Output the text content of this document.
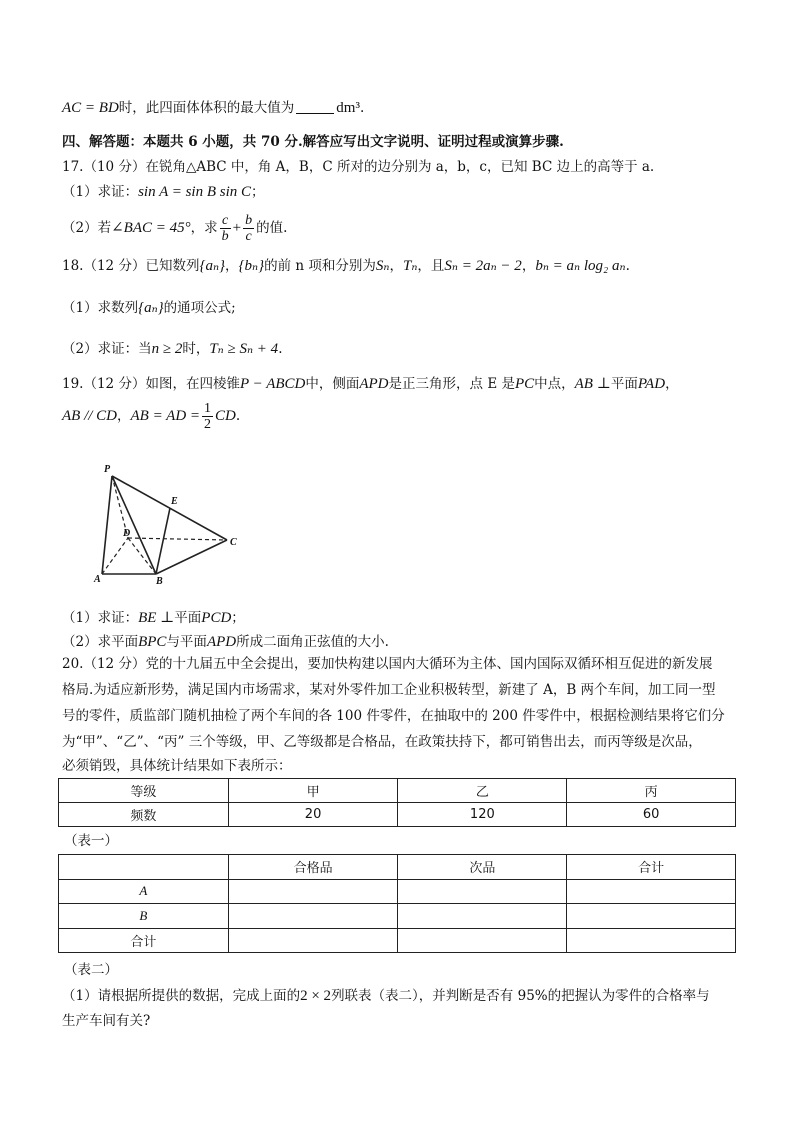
AC = BD时，此四面体体积的最大值为	dm³.
四、解答题：本题共 6 小题，共 70 分.解答应写出文字说明、证明过程或演算步骤.
17.（10 分）在锐角△ABC 中，角 A，B，C 所对的边分别为 a，b，c，已知 BC 边上的高等于 a.
（1）求证：sin A = sin B sin C；
（2）若∠BAC = 45°，求 $\frac{c}{b} + \frac{b}{c}$ 的值.
18.（12 分）已知数列{aₙ}，{bₙ}的前 n 项和分别为Sₙ，Tₙ，且Sₙ = 2aₙ − 2，bₙ = aₙ log₂ aₙ.
（1）求数列{aₙ}的通项公式;
（2）求证：当n ≥ 2时，Tₙ ≥ Sₙ + 4.
19.（12 分）如图，在四棱锥P − ABCD中，侧面APD是正三角形，点 E 是PC中点，AB ⊥平面PAD，
AB // CD，AB = AD = $\frac{1}{2}$ CD.
P
E
D
C
A	B
（1）求证：BE ⊥平面PCD；
（2）求平面BPC与平面APD所成二面角正弦值的大小.
20.（12 分）党的十九届五中全会提出，要加快构建以国内大循环为主体、国内国际双循环相互促进的新发展
格局.为适应新形势，满足国内市场需求，某对外零件加工企业积极转型，新建了 A，B 两个车间，加工同一型
号的零件，质监部门随机抽检了两个车间的各 100 件零件，在抽取中的 200 件零件中，根据检测结果将它们分
为“甲”、“乙”、“丙” 三个等级，甲、乙等级都是合格品，在政策扶持下，都可销售出去，而丙等级是次品，
必须销毁，具体统计结果如下表所示：
等级	甲	乙	丙
频数	20	120	60
（表一）
	合格品	次品	合计
A			
B			
合计			
（表二）
（1）请根据所提供的数据，完成上面的2 × 2列联表（表二），并判断是否有 95%的把握认为零件的合格率与
生产车间有关?
